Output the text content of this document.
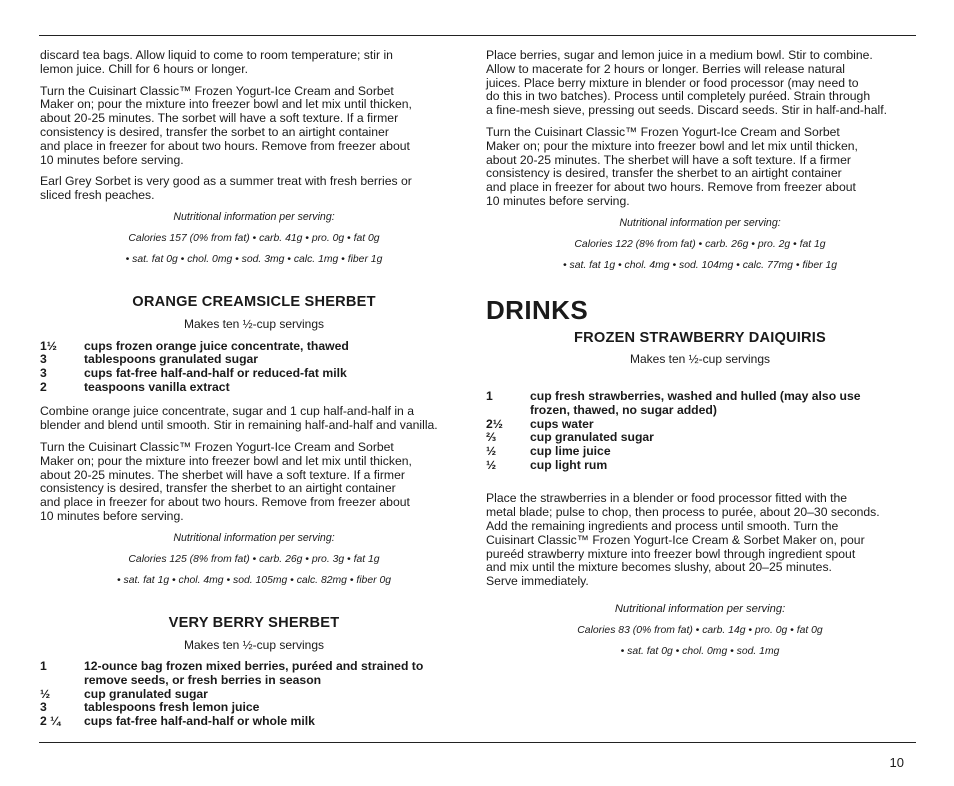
discard tea bags. Allow liquid to come to room temperature; stir in
lemon juice. Chill for 6 hours or longer.

Turn the Cuisinart Classic™ Frozen Yogurt-Ice Cream and Sorbet
Maker on; pour the mixture into freezer bowl and let mix until thicken,
about 20-25 minutes. The sorbet will have a soft texture. If a firmer
consistency is desired, transfer the sorbet to an airtight container
and place in freezer for about two hours. Remove from freezer about
10 minutes before serving.

Earl Grey Sorbet is very good as a summer treat with fresh berries or
sliced fresh peaches.

Nutritional information per serving:

Calories 157 (0% from fat) • carb. 41g • pro. 0g • fat 0g

• sat. fat 0g • chol. 0mg • sod. 3mg • calc. 1mg • fiber 1g

ORANGE CREAMSICLE SHERBET

Makes ten ½-cup servings

1½	cups frozen orange juice concentrate, thawed
3	tablespoons granulated sugar
3	cups fat-free half-and-half or reduced-fat milk
2	teaspoons vanilla extract

Combine orange juice concentrate, sugar and 1 cup half-and-half in a
blender and blend until smooth. Stir in remaining half-and-half and vanilla.

Turn the Cuisinart Classic™ Frozen Yogurt-Ice Cream and Sorbet
Maker on; pour the mixture into freezer bowl and let mix until thicken,
about 20-25 minutes. The sherbet will have a soft texture. If a firmer
consistency is desired, transfer the sherbet to an airtight container
and place in freezer for about two hours. Remove from freezer about
10 minutes before serving.

Nutritional information per serving:

Calories 125 (8% from fat) • carb. 26g • pro. 3g • fat 1g

• sat. fat 1g • chol. 4mg • sod. 105mg • calc. 82mg • fiber 0g

VERY BERRY SHERBET

Makes ten ½-cup servings

1	12-ounce bag frozen mixed berries, puréed and strained to
remove seeds, or fresh berries in season
½	cup granulated sugar
3	tablespoons fresh lemon juice
2 ¼	cups fat-free half-and-half or whole milk

Place berries, sugar and lemon juice in a medium bowl. Stir to combine.
Allow to macerate for 2 hours or longer. Berries will release natural
juices. Place berry mixture in blender or food processor (may need to
do this in two batches). Process until completely puréed. Strain through
a fine-mesh sieve, pressing out seeds. Discard seeds. Stir in half-and-half.

Turn the Cuisinart Classic™ Frozen Yogurt-Ice Cream and Sorbet
Maker on; pour the mixture into freezer bowl and let mix until thicken,
about 20-25 minutes. The sherbet will have a soft texture. If a firmer
consistency is desired, transfer the sherbet to an airtight container
and place in freezer for about two hours. Remove from freezer about
10 minutes before serving.

Nutritional information per serving:

Calories 122 (8% from fat) • carb. 26g • pro. 2g • fat 1g

• sat. fat 1g • chol. 4mg • sod. 104mg • calc. 77mg • fiber 1g

DRINKS

FROZEN STRAWBERRY DAIQUIRIS

Makes ten ½-cup servings

1	cup fresh strawberries, washed and hulled (may also use
frozen, thawed, no sugar added)
2½	cups water
⅔	cup granulated sugar
½	cup lime juice
½	cup light rum

Place the strawberries in a blender or food processor fitted with the
metal blade; pulse to chop, then process to purée, about 20–30 seconds.
Add the remaining ingredients and process until smooth. Turn the
Cuisinart Classic™ Frozen Yogurt-Ice Cream & Sorbet Maker on, pour
pureéd strawberry mixture into freezer bowl through ingredient spout
and mix until the mixture becomes slushy, about 20–25 minutes.
Serve immediately.

Nutritional information per serving:

Calories 83 (0% from fat) • carb. 14g • pro. 0g • fat 0g

• sat. fat 0g • chol. 0mg • sod. 1mg

10
